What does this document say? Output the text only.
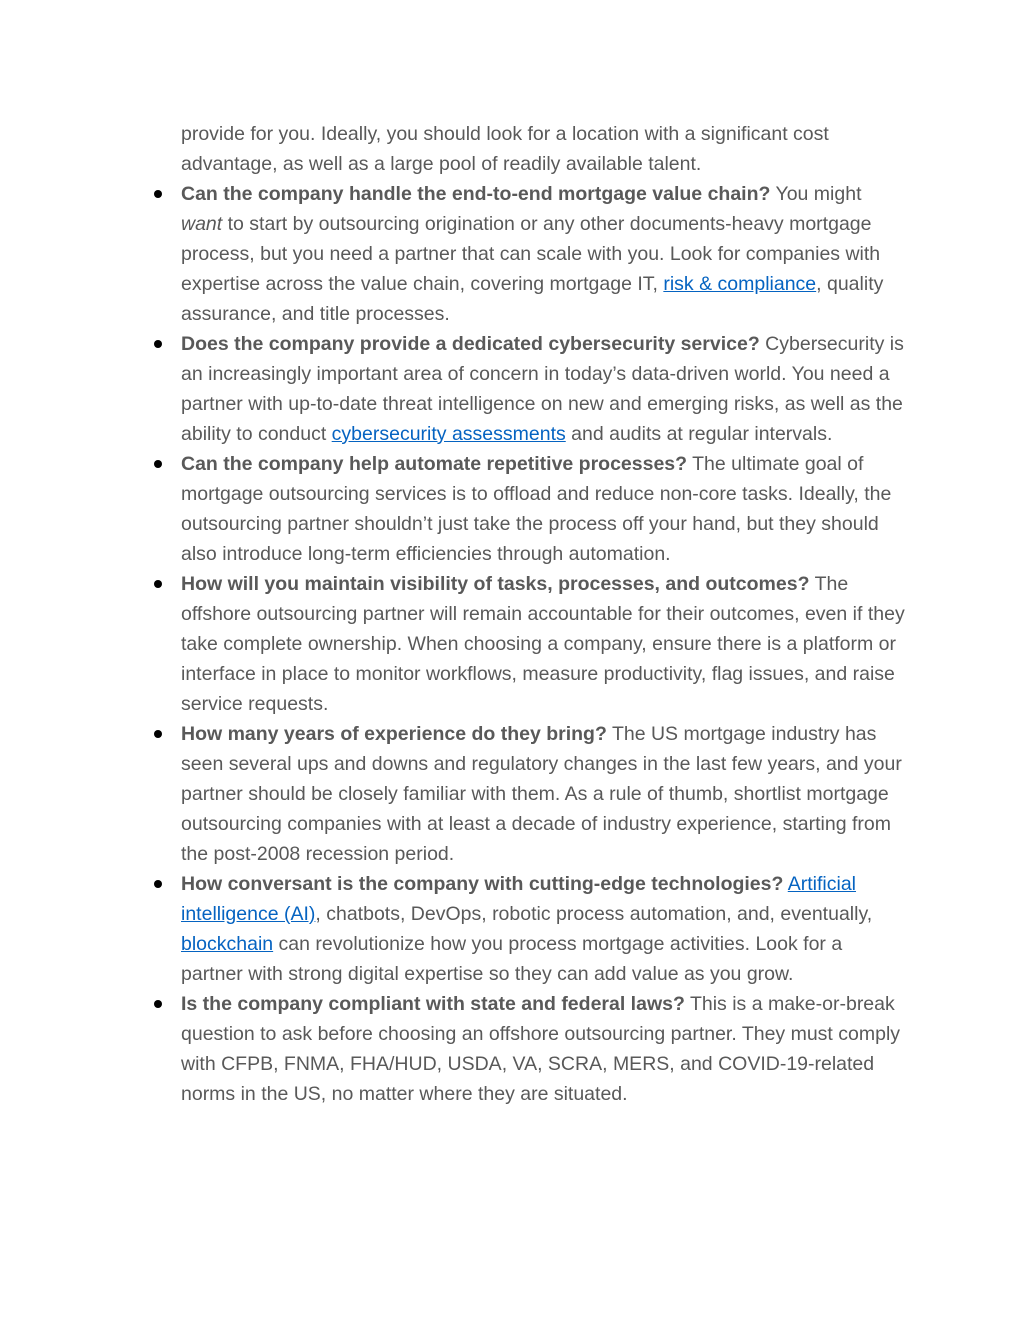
provide for you. Ideally, you should look for a location with a significant cost advantage, as well as a large pool of readily available talent.

Can the company handle the end-to-end mortgage value chain? You might want to start by outsourcing origination or any other documents-heavy mortgage process, but you need a partner that can scale with you. Look for companies with expertise across the value chain, covering mortgage IT, risk & compliance, quality assurance, and title processes.
Does the company provide a dedicated cybersecurity service? Cybersecurity is an increasingly important area of concern in today’s data-driven world. You need a partner with up-to-date threat intelligence on new and emerging risks, as well as the ability to conduct cybersecurity assessments and audits at regular intervals.
Can the company help automate repetitive processes? The ultimate goal of mortgage outsourcing services is to offload and reduce non-core tasks. Ideally, the outsourcing partner shouldn’t just take the process off your hand, but they should also introduce long-term efficiencies through automation.
How will you maintain visibility of tasks, processes, and outcomes? The offshore outsourcing partner will remain accountable for their outcomes, even if they take complete ownership. When choosing a company, ensure there is a platform or interface in place to monitor workflows, measure productivity, flag issues, and raise service requests.
How many years of experience do they bring? The US mortgage industry has seen several ups and downs and regulatory changes in the last few years, and your partner should be closely familiar with them. As a rule of thumb, shortlist mortgage outsourcing companies with at least a decade of industry experience, starting from the post-2008 recession period.
How conversant is the company with cutting-edge technologies? Artificial intelligence (AI), chatbots, DevOps, robotic process automation, and, eventually, blockchain can revolutionize how you process mortgage activities. Look for a partner with strong digital expertise so they can add value as you grow.
Is the company compliant with state and federal laws? This is a make-or-break question to ask before choosing an offshore outsourcing partner. They must comply with CFPB, FNMA, FHA/HUD, USDA, VA, SCRA, MERS, and COVID-19-related norms in the US, no matter where they are situated.
